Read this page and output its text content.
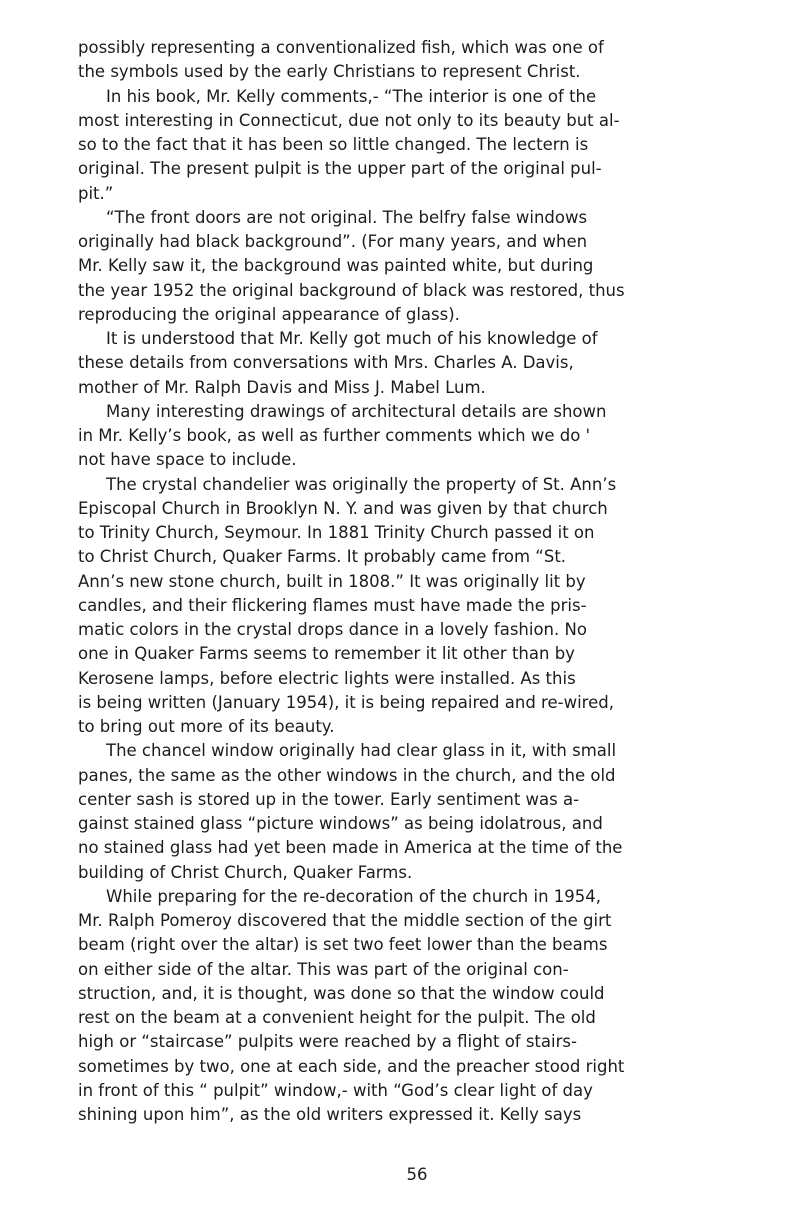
possibly representing a conventionalized fish, which was one of
the symbols used by the early Christians to represent Christ.
In his book, Mr. Kelly comments,- “The interior is one of the
most interesting in Connecticut, due not only to its beauty but al-
so to the fact that it has been so little changed. The lectern is
original. The present pulpit is the upper part of the original pul-
pit.”
“The front doors are not original. The belfry false windows
originally had black background”. (For many years, and when
Mr. Kelly saw it, the background was painted white, but during
the year 1952 the original background of black was restored, thus
reproducing the original appearance of glass).
It is understood that Mr. Kelly got much of his knowledge of
these details from conversations with Mrs. Charles A. Davis,
mother of Mr. Ralph Davis and Miss J. Mabel Lum.
Many interesting drawings of architectural details are shown
in Mr. Kelly’s book, as well as further comments which we do '
not have space to include.
The crystal chandelier was originally the property of St. Ann’s
Episcopal Church in Brooklyn N. Y. and was given by that church
to Trinity Church, Seymour. In 1881 Trinity Church passed it on
to Christ Church, Quaker Farms. It probably came from “St.
Ann’s new stone church, built in 1808.” It was originally lit by
candles, and their flickering flames must have made the pris-
matic colors in the crystal drops dance in a lovely fashion. No
one in Quaker Farms seems to remember it lit other than by
Kerosene lamps, before electric lights were installed. As this
is being written (January 1954), it is being repaired and re-wired,
to bring out more of its beauty.
The chancel window originally had clear glass in it, with small
panes, the same as the other windows in the church, and the old
center sash is stored up in the tower. Early sentiment was a-
gainst stained glass “picture windows” as being idolatrous, and
no stained glass had yet been made in America at the time of the
building of Christ Church, Quaker Farms.
While preparing for the re-decoration of the church in 1954,
Mr. Ralph Pomeroy discovered that the middle section of the girt
beam (right over the altar) is set two feet lower than the beams
on either side of the altar. This was part of the original con-
struction, and, it is thought, was done so that the window could
rest on the beam at a convenient height for the pulpit. The old
high or “staircase” pulpits were reached by a flight of stairs-
sometimes by two, one at each side, and the preacher stood right
in front of this “ pulpit” window,- with “God’s clear light of day
shining upon him”, as the old writers expressed it. Kelly says
56
